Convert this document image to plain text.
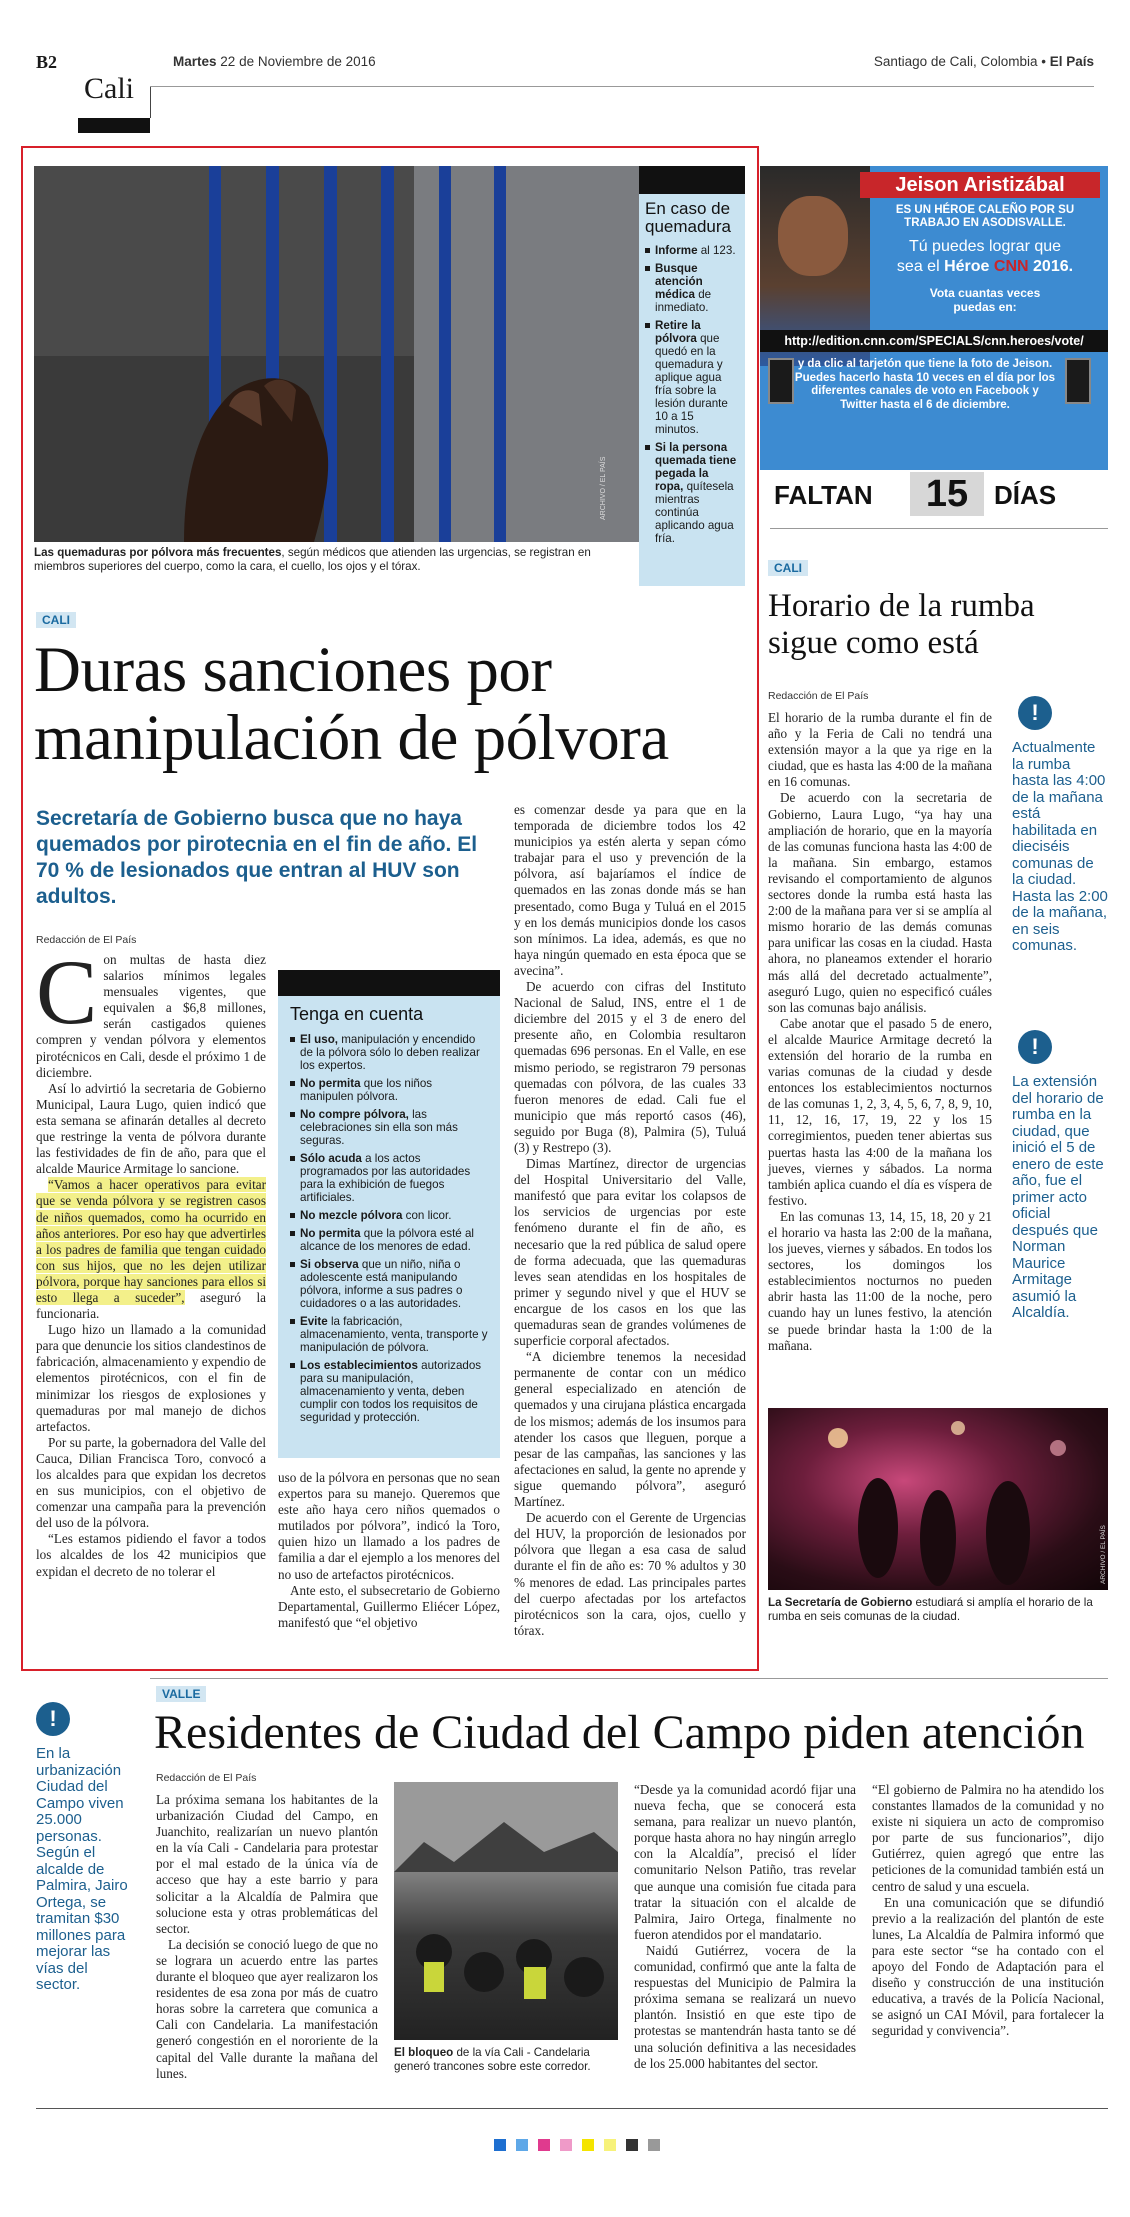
B2
Cali
Martes 22 de Noviembre de 2016	Santiago de Cali, Colombia • El País
ARCHIVO / EL PAÍS
En caso de quemadura
Informe al 123.
Busque atención médica de inmediato.
Retire la pólvora que quedó en la quemadura y aplique agua fría sobre la lesión durante 10 a 15 minutos.
Si la persona quemada tiene pegada la ropa, quítesela mientras continúa aplicando agua fría.
Las quemaduras por pólvora más frecuentes, según médicos que atienden las urgencias, se registran en miembros superiores del cuerpo, como la cara, el cuello, los ojos y el tórax.
CALI
Duras sanciones por
manipulación de pólvora
Secretaría de Gobierno busca que no haya quemados por pirotecnia en el fin de año. El 70 % de lesionados que entran al HUV son adultos.
Redacción de El País
C on multas de hasta diez salarios mínimos legales mensuales vigentes, que equivalen a $6,8 millones, serán castigados quienes compren y vendan pólvora y elementos pirotécnicos en Cali, desde el próximo 1 de diciembre.

Así lo advirtió la secretaria de Gobierno Municipal, Laura Lugo, quien indicó que esta semana se afinarán detalles al decreto que restringe la venta de pólvora durante las festividades de fin de año, para que el alcalde Maurice Armitage lo sancione.

“Vamos a hacer operativos para evitar que se venda pólvora y se registren casos de niños quemados, como ha ocurrido en años anteriores. Por eso hay que advertirles a los padres de familia que tengan cuidado con sus hijos, que no les dejen utilizar pólvora, porque hay sanciones para ellos si esto llega a suceder”, aseguró la funcionaria.

Lugo hizo un llamado a la comunidad para que denuncie los sitios clandestinos de fabricación, almacenamiento y expendio de elementos pirotécnicos, con el fin de minimizar los riesgos de explosiones y quemaduras por mal manejo de dichos artefactos.

Por su parte, la gobernadora del Valle del Cauca, Dilian Francisca Toro, convocó a los alcaldes para que expidan los decretos en sus municipios, con el objetivo de comenzar una campaña para la prevención del uso de la pólvora.

“Les estamos pidiendo el favor a todos los alcaldes de los 42 municipios que expidan el decreto de no tolerar el

Tenga en cuenta
El uso, manipulación y encendido de la pólvora sólo lo deben realizar los expertos.
No permita que los niños manipulen pólvora.
No compre pólvora, las celebraciones sin ella son más seguras.
Sólo acuda a los actos programados por las autoridades para la exhibición de fuegos artificiales.
No mezcle pólvora con licor.
No permita que la pólvora esté al alcance de los menores de edad.
Si observa que un niño, niña o adolescente está manipulando pólvora, informe a sus padres o cuidadores o a las autoridades.
Evite la fabricación, almacenamiento, venta, transporte y manipulación de pólvora.
Los establecimientos autorizados para su manipulación, almacenamiento y venta, deben cumplir con todos los requisitos de seguridad y protección.

uso de la pólvora en personas que no sean expertos para su manejo. Queremos que este año haya cero niños quemados o mutilados por pólvora”, indicó la Toro, quien hizo un llamado a los padres de familia a dar el ejemplo a los menores del no uso de artefactos pirotécnicos.

Ante esto, el subsecretario de Gobierno Departamental, Guillermo Eliécer López, manifestó que “el objetivo

es comenzar desde ya para que en la temporada de diciembre todos los 42 municipios ya estén alerta y sepan cómo trabajar para el uso y prevención de la pólvora, así bajaríamos el índice de quemados en las zonas donde más se han presentado, como Buga y Tuluá en el 2015 y en los demás municipios donde los casos son mínimos. La idea, además, es que no haya ningún quemado en esta época que se avecina”.

De acuerdo con cifras del Instituto Nacional de Salud, INS, entre el 1 de diciembre del 2015 y el 3 de enero del presente año, en Colombia resultaron quemadas 696 personas. En el Valle, en ese mismo periodo, se registraron 79 personas quemadas con pólvora, de las cuales 33 fueron menores de edad. Cali fue el municipio que más reportó casos (46), seguido por Buga (8), Palmira (5), Tuluá (3) y Restrepo (3).

Dimas Martínez, director de urgencias del Hospital Universitario del Valle, manifestó que para evitar los colapsos de los servicios de urgencias por este fenómeno durante el fin de año, es necesario que la red pública de salud opere de forma adecuada, que las quemaduras leves sean atendidas en los hospitales de primer y segundo nivel y que el HUV se encargue de los casos en los que las quemaduras sean de grandes volúmenes de superficie corporal afectados.

“A diciembre tenemos la necesidad permanente de contar con un médico general especializado en atención de quemados y una cirujana plástica encargada de los mismos; además de los insumos para atender los casos que lleguen, porque a pesar de las campañas, las sanciones y las afectaciones en salud, la gente no aprende y sigue quemando pólvora”, aseguró Martínez.

De acuerdo con el Gerente de Urgencias del HUV, la proporción de lesionados por pólvora que llegan a esa casa de salud durante el fin de año es: 70 % adultos y 30 % menores de edad. Las principales partes del cuerpo afectadas por los artefactos pirotécnicos son la cara, ojos, cuello y tórax.

Jeison Aristizábal
ES UN HÉROE CALEÑO POR SU TRABAJO EN ASODISVALLE.
Tú puedes lograr que
sea el Héroe CNN 2016.
Vota cuantas veces puedas en:
http://edition.cnn.com/SPECIALS/cnn.heroes/vote/
y da clic al tarjetón que tiene la foto de Jeison. Puedes hacerlo hasta 10 veces en el día por los diferentes canales de voto en Facebook y Twitter hasta el 6 de diciembre.
FALTAN	15 DÍAS
CALI
Horario de la rumba sigue como está
Redacción de El País

El horario de la rumba durante el fin de año y la Feria de Cali no tendrá una extensión mayor a la que ya rige en la ciudad, que es hasta las 4:00 de la mañana en 16 comunas.

De acuerdo con la secretaria de Gobierno, Laura Lugo, “ya hay una ampliación de horario, que en la mayoría de las comunas funciona hasta las 4:00 de la mañana. Sin embargo, estamos revisando el comportamiento de algunos sectores donde la rumba está hasta las 2:00 de la mañana para ver si se amplía al mismo horario de las demás comunas para unificar las cosas en la ciudad. Hasta ahora, no planeamos extender el horario más allá del decretado actualmente”, aseguró Lugo, quien no especificó cuáles son las comunas bajo análisis.

Cabe anotar que el pasado 5 de enero, el alcalde Maurice Armitage decretó la extensión del horario de la rumba en varias comunas de la ciudad y desde entonces los establecimientos nocturnos de las comunas 1, 2, 3, 4, 5, 6, 7, 8, 9, 10, 11, 12, 16, 17, 19, 22 y los 15 corregimientos, pueden tener abiertas sus puertas hasta las 4:00 de la mañana los jueves, viernes y sábados. La norma también aplica cuando el día es víspera de festivo.

En las comunas 13, 14, 15, 18, 20 y 21 el horario va hasta las 2:00 de la mañana, los jueves, viernes y sábados. En todos los sectores, los domingos los establecimientos nocturnos no pueden abrir hasta las 11:00 de la noche, pero cuando hay un lunes festivo, la atención se puede brindar hasta la 1:00 de la mañana.

!
Actualmente la rumba hasta las 4:00 de la mañana está habilitada en dieciséis comunas de la ciudad. Hasta las 2:00 de la mañana, en seis comunas.
!
La extensión del horario de rumba en la ciudad, que inició el 5 de enero de este año, fue el primer acto oficial después que Norman Maurice Armitage asumió la Alcaldía.
ARCHIVO / EL PAÍS
La Secretaría de Gobierno estudiará si amplía el horario de la rumba en seis comunas de la ciudad.
VALLE
Residentes de Ciudad del Campo piden atención
Redacción de El País
!
En la urbanización Ciudad del Campo viven 25.000 personas. Según el alcalde de Palmira, Jairo Ortega, se tramitan $30 millones para mejorar las vías del sector.

La próxima semana los habitantes de la urbanización Ciudad del Campo, en Juanchito, realizarían un nuevo plantón en la vía Cali - Candelaria para protestar por el mal estado de la única vía de acceso que hay a este barrio y para solicitar a la Alcaldía de Palmira que solucione esta y otras problemáticas del sector.

La decisión se conoció luego de que no se lograra un acuerdo entre las partes durante el bloqueo que ayer realizaron los residentes de esa zona por más de cuatro horas sobre la carretera que comunica a Cali con Candelaria. La manifestación generó congestión en el nororiente de la capital del Valle durante la mañana del lunes.

El bloqueo de la vía Cali - Candelaria generó trancones sobre este corredor.

“Desde ya la comunidad acordó fijar una nueva fecha, que se conocerá esta semana, para realizar un nuevo plantón, porque hasta ahora no hay ningún arreglo con la Alcaldía”, precisó el líder comunitario Nelson Patiño, tras revelar que aunque una comisión fue citada para tratar la situación con el alcalde de Palmira, Jairo Ortega, finalmente no fueron atendidos por el mandatario.

Naidú Gutiérrez, vocera de la comunidad, confirmó que ante la falta de respuestas del Municipio de Palmira la próxima semana se realizará un nuevo plantón. Insistió en que este tipo de protestas se mantendrán hasta tanto se dé una solución definitiva a las necesidades de los 25.000 habitantes del sector.

“El gobierno de Palmira no ha atendido los constantes llamados de la comunidad y no existe ni siquiera un acto de compromiso por parte de sus funcionarios”, dijo Gutiérrez, quien agregó que entre las peticiones de la comunidad también está un centro de salud y una escuela.

En una comunicación que se difundió previo a la realización del plantón de este lunes, La Alcaldía de Palmira informó que para este sector “se ha contado con el apoyo del Fondo de Adaptación para el diseño y construcción de una institución educativa, a través de la Policía Nacional, se asignó un CAI Móvil, para fortalecer la seguridad y convivencia”.
